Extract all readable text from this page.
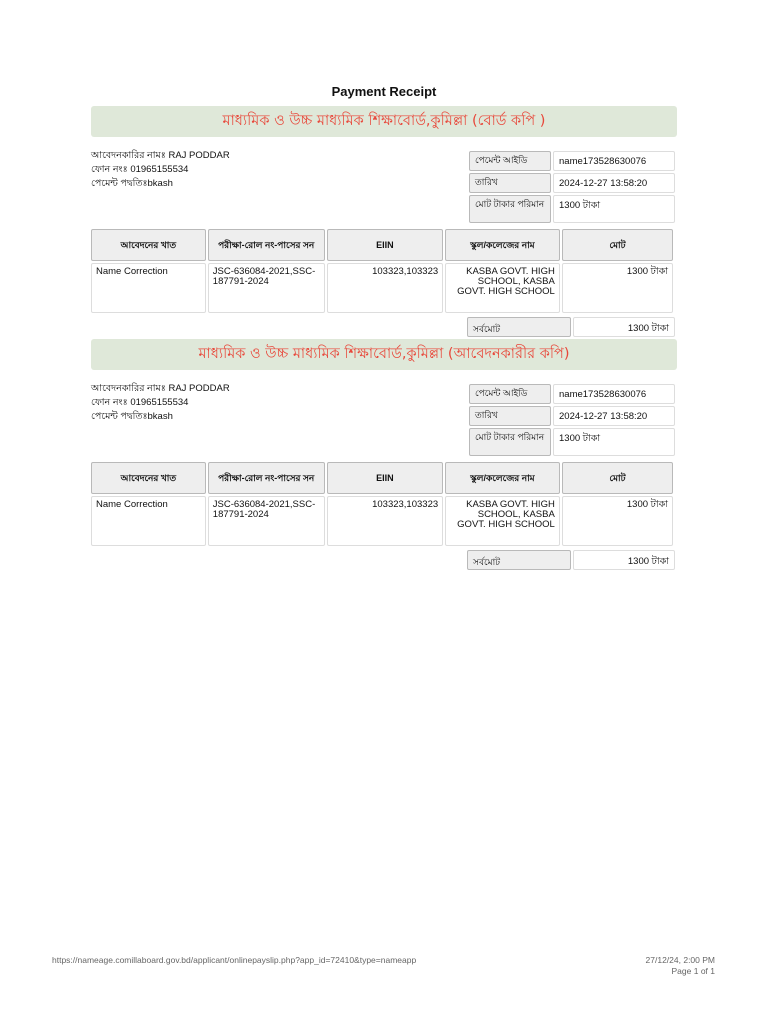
Payment Receipt
মাধ্যমিক ও উচ্চ মাধ্যমিক শিক্ষাবোর্ড,কুমিল্লা (বোর্ড কপি )
আবেদনকারির নামঃ RAJ PODDAR
ফোন নংঃ 01965155534
পেমেন্ট পদ্বতিঃbkash
পেমেন্ট আইডি	name173528630076
তারিখ	2024-12-27 13:58:20
মোট টাকার পরিমান	1300 টাকা
আবেদনের খাত	পরীক্ষা-রোল নং-পাসের সন	EIIN	স্কুল/কলেজের নাম	মোট
Name Correction	JSC-636084-2021,SSC-187791-2024	103323,103323	KASBA GOVT. HIGH SCHOOL, KASBA GOVT. HIGH SCHOOL	1300 টাকা
সর্বমোট	1300 টাকা
মাধ্যমিক ও উচ্চ মাধ্যমিক শিক্ষাবোর্ড,কুমিল্লা (আবেদনকারীর কপি)
আবেদনকারির নামঃ RAJ PODDAR
ফোন নংঃ 01965155534
পেমেন্ট পদ্বতিঃbkash
পেমেন্ট আইডি	name173528630076
তারিখ	2024-12-27 13:58:20
মোট টাকার পরিমান	1300 টাকা
আবেদনের খাত	পরীক্ষা-রোল নং-পাসের সন	EIIN	স্কুল/কলেজের নাম	মোট
Name Correction	JSC-636084-2021,SSC-187791-2024	103323,103323	KASBA GOVT. HIGH SCHOOL, KASBA GOVT. HIGH SCHOOL	1300 টাকা
সর্বমোট	1300 টাকা
https://nameage.comillaboard.gov.bd/applicant/onlinepayslip.php?app_id=72410&type=nameapp	27/12/24, 2:00 PM
Page 1 of 1
